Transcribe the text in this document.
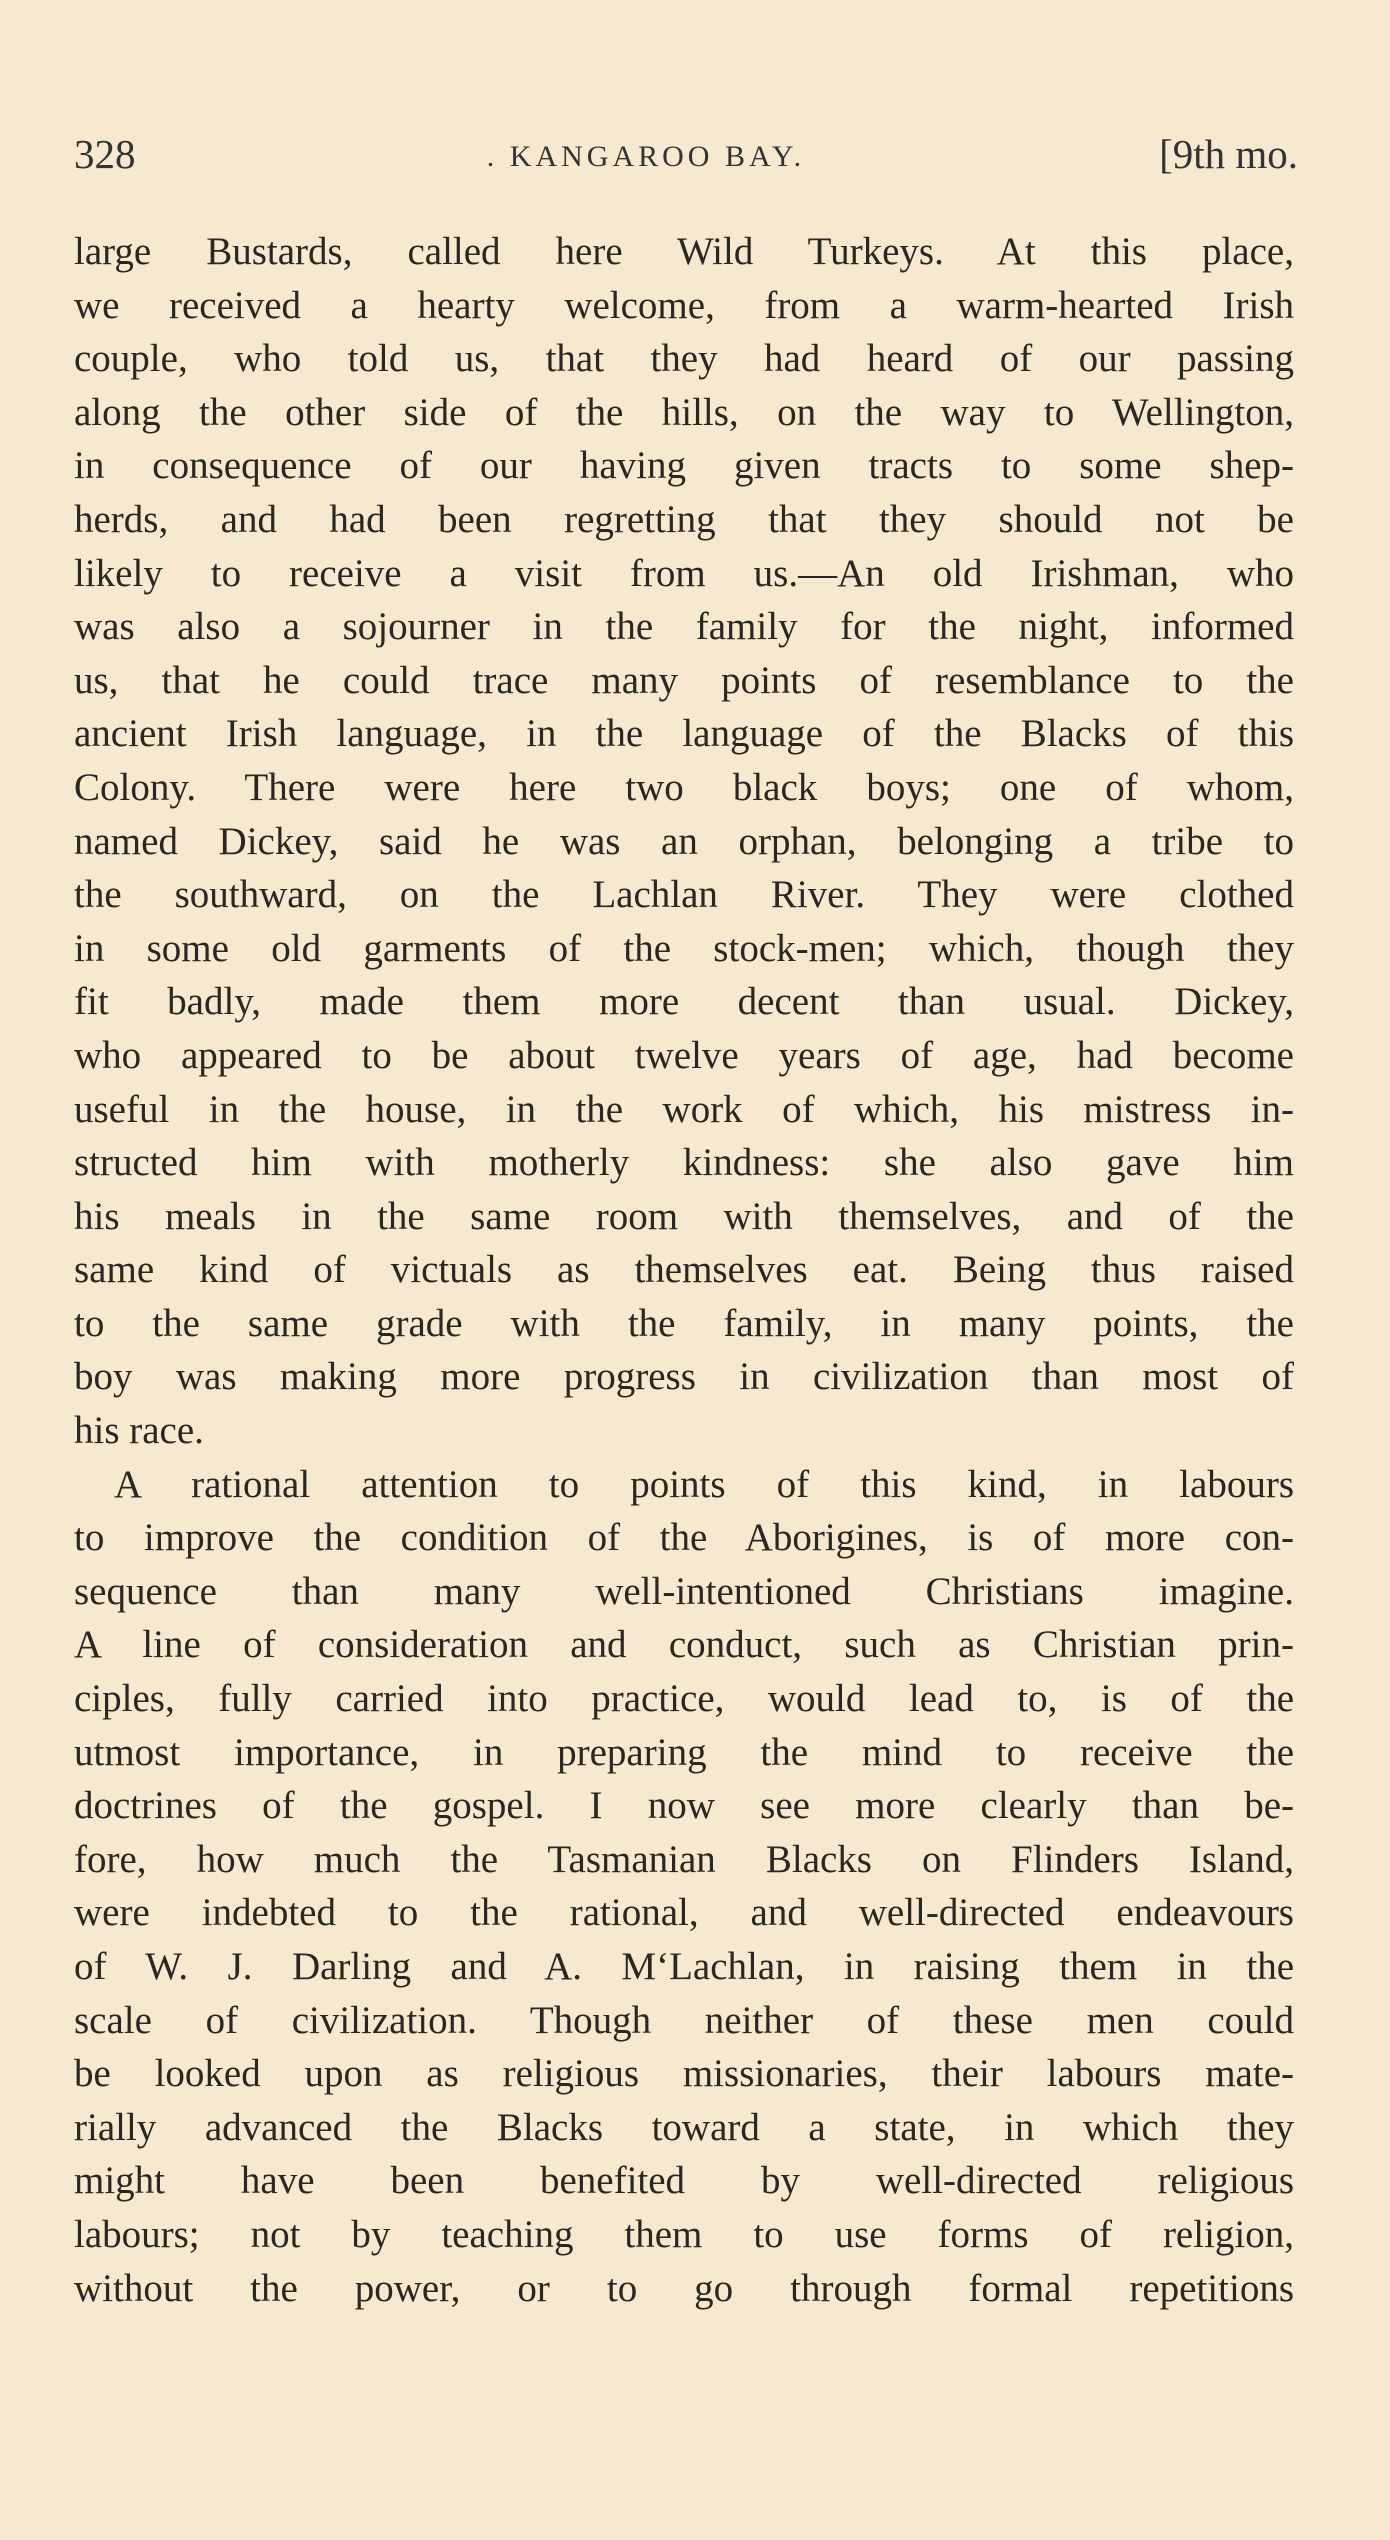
328	. KANGAROO BAY.	[9th mo.
large Bustards, called here Wild Turkeys. At this place,
we received a hearty welcome, from a warm-hearted Irish
couple, who told us, that they had heard of our passing
along the other side of the hills, on the way to Wellington,
in consequence of our having given tracts to some shep-
herds, and had been regretting that they should not be
likely to receive a visit from us.—An old Irishman, who
was also a sojourner in the family for the night, informed
us, that he could trace many points of resemblance to the
ancient Irish language, in the language of the Blacks of this
Colony. There were here two black boys; one of whom,
named Dickey, said he was an orphan, belonging a tribe to
the southward, on the Lachlan River. They were clothed
in some old garments of the stock-men; which, though they
fit badly, made them more decent than usual. Dickey,
who appeared to be about twelve years of age, had become
useful in the house, in the work of which, his mistress in-
structed him with motherly kindness: she also gave him
his meals in the same room with themselves, and of the
same kind of victuals as themselves eat. Being thus raised
to the same grade with the family, in many points, the
boy was making more progress in civilization than most of
his race.
A rational attention to points of this kind, in labours
to improve the condition of the Aborigines, is of more con-
sequence than many well-intentioned Christians imagine.
A line of consideration and conduct, such as Christian prin-
ciples, fully carried into practice, would lead to, is of the
utmost importance, in preparing the mind to receive the
doctrines of the gospel. I now see more clearly than be-
fore, how much the Tasmanian Blacks on Flinders Island,
were indebted to the rational, and well-directed endeavours
of W. J. Darling and A. M‘Lachlan, in raising them in the
scale of civilization. Though neither of these men could
be looked upon as religious missionaries, their labours mate-
rially advanced the Blacks toward a state, in which they
might have been benefited by well-directed religious
labours; not by teaching them to use forms of religion,
without the power, or to go through formal repetitions
